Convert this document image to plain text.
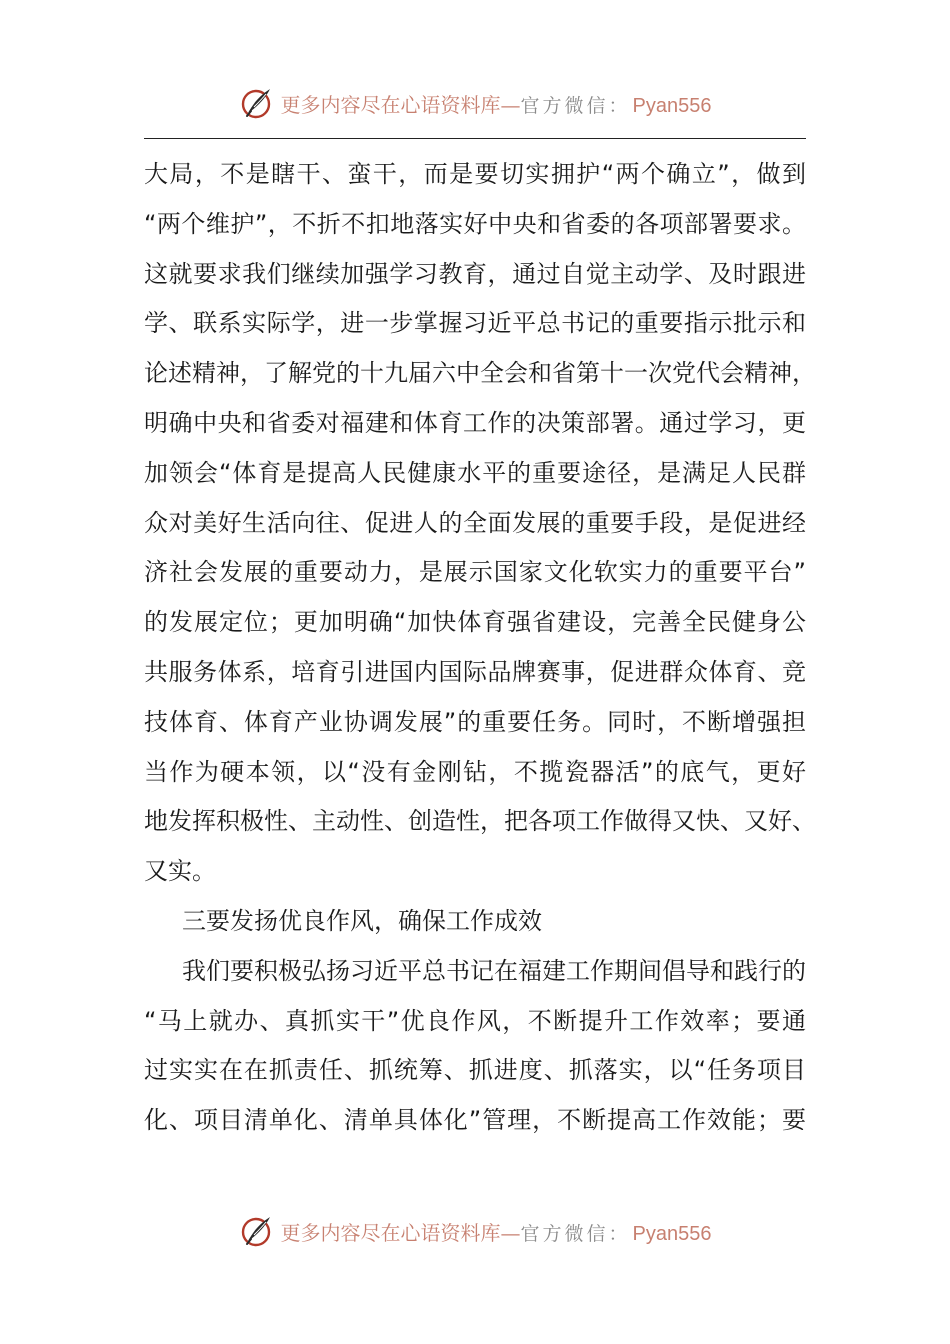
更多内容尽在心语资料库— 官方微信： Pyan556
大局，不是瞎干、蛮干，而是要切实拥护“两个确立”，做到
“两个维护”，不折不扣地落实好中央和省委的各项部署要求。
这就要求我们继续加强学习教育，通过自觉主动学、及时跟进
学、联系实际学，进一步掌握习近平总书记的重要指示批示和
论述精神，了解党的十九届六中全会和省第十一次党代会精神，
明确中央和省委对福建和体育工作的决策部署。通过学习，更
加领会“体育是提高人民健康水平的重要途径，是满足人民群
众对美好生活向往、促进人的全面发展的重要手段，是促进经
济社会发展的重要动力，是展示国家文化软实力的重要平台”
的发展定位；更加明确“加快体育强省建设，完善全民健身公
共服务体系，培育引进国内国际品牌赛事，促进群众体育、竞
技体育、体育产业协调发展”的重要任务。同时，不断增强担
当作为硬本领，以“没有金刚钻，不揽瓷器活”的底气，更好
地发挥积极性、主动性、创造性，把各项工作做得又快、又好、
又实。
三要发扬优良作风，确保工作成效
我们要积极弘扬习近平总书记在福建工作期间倡导和践行的
“马上就办、真抓实干”优良作风，不断提升工作效率；要通
过实实在在抓责任、抓统筹、抓进度、抓落实，以“任务项目
化、项目清单化、清单具体化”管理，不断提高工作效能；要
更多内容尽在心语资料库— 官方微信： Pyan556
